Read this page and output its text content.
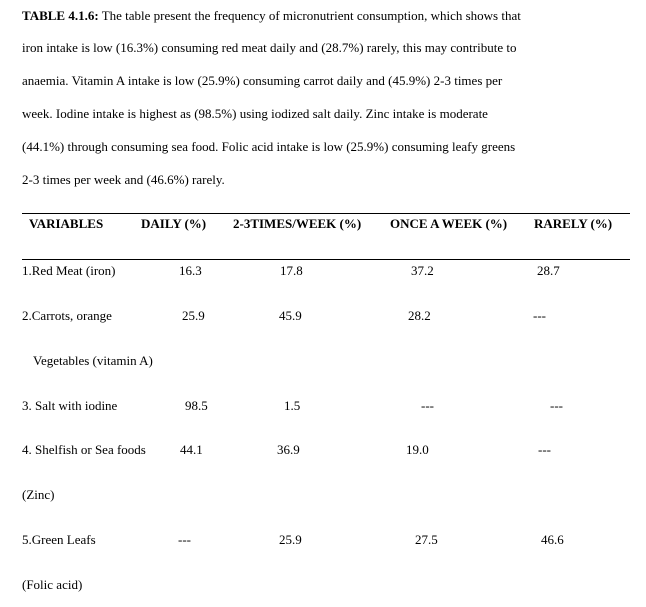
TABLE 4.1.6: The table present the frequency of micronutrient consumption, which shows that
iron intake is low (16.3%) consuming red meat daily and (28.7%) rarely, this may contribute to
anaemia. Vitamin A intake is low (25.9%) consuming carrot daily and (45.9%) 2-3 times per
week. Iodine intake is highest as (98.5%) using iodized salt daily. Zinc intake is moderate
(44.1%) through consuming sea food. Folic acid intake is low (25.9%) consuming leafy greens
2-3 times per week and (46.6%) rarely.
VARIABLES	DAILY (%) 2-3TIMES/WEEK (%) ONCE A WEEK (%) RARELY (%)
1.Red Meat (iron)	16.3	17.8	37.2	28.7
2.Carrots, orange	25.9	45.9	28.2	---
Vegetables (vitamin A)
3. Salt with iodine	98.5	1.5	---	---
4. Shelfish or Sea foods	44.1	36.9	19.0	---
(Zinc)
5.Green Leafs	---	25.9	27.5	46.6
(Folic acid)
